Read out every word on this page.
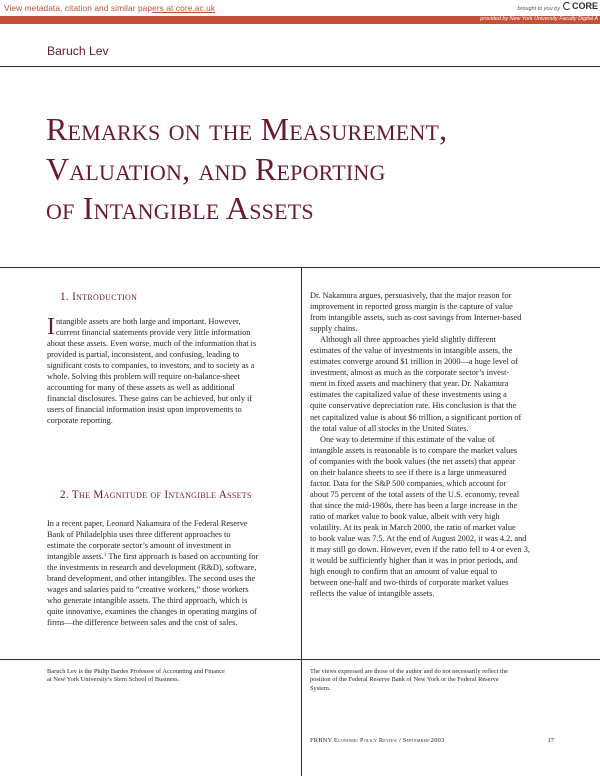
View metadata, citation and similar papers at core.ac.uk	brought to you by	CORE
provided by New York University Faculty Digital A
Baruch Lev
Remarks on the Measurement,
Valuation, and Reporting
of Intangible Assets
1. Introduction
I ntangible assets are both large and important. However,
current financial statements provide very little information
about these assets. Even worse, much of the information that is
provided is partial, inconsistent, and confusing, leading to
significant costs to companies, to investors, and to society as a
whole. Solving this problem will require on-balance-sheet
accounting for many of these assets as well as additional
financial disclosures. These gains can be achieved, but only if
users of financial information insist upon improvements to
corporate reporting.
2. The Magnitude of Intangible Assets
In a recent paper, Leonard Nakamura of the Federal Reserve
Bank of Philadelphia uses three different approaches to
estimate the corporate sector’s amount of investment in
intangible assets.$^1$ The first approach is based on accounting for
the investments in research and development (R&D), software,
brand development, and other intangibles. The second uses the
wages and salaries paid to “creative workers,” those workers
who generate intangible assets. The third approach, which is
quite innovative, examines the changes in operating margins of
firms—the difference between sales and the cost of sales.
Dr. Nakamura argues, persuasively, that the major reason for
improvement in reported gross margin is the capture of value
from intangible assets, such as cost savings from Internet-based
supply chains.
Although all three approaches yield slightly different
estimates of the value of investments in intangible assets, the
estimates converge around $1 trillion in 2000—a huge level of
investment, almost as much as the corporate sector’s invest-
ment in fixed assets and machinery that year. Dr. Nakamura
estimates the capitalized value of these investments using a
quite conservative depreciation rate. His conclusion is that the
net capitalized value is about $6 trillion, a significant portion of
the total value of all stocks in the United States.
One way to determine if this estimate of the value of
intangible assets is reasonable is to compare the market values
of companies with the book values (the net assets) that appear
on their balance sheets to see if there is a large unmeasured
factor. Data for the S&P 500 companies, which account for
about 75 percent of the total assets of the U.S. economy, reveal
that since the mid-1980s, there has been a large increase in the
ratio of market value to book value, albeit with very high
volatility. At its peak in March 2000, the ratio of market value
to book value was 7.5. At the end of August 2002, it was 4.2, and
it may still go down. However, even if the ratio fell to 4 or even 3,
it would be sufficiently higher than it was in prior periods, and
high enough to confirm that an amount of value equal to
between one-half and two-thirds of corporate market values
reflects the value of intangible assets.
Baruch Lev is the Philip Bardes Professor of Accounting and Finance
at New York University’s Stern School of Business.
The views expressed are those of the author and do not necessarily reflect the
position of the Federal Reserve Bank of New York or the Federal Reserve
System.
FRBNY Economic Policy Review / September 2003	17
